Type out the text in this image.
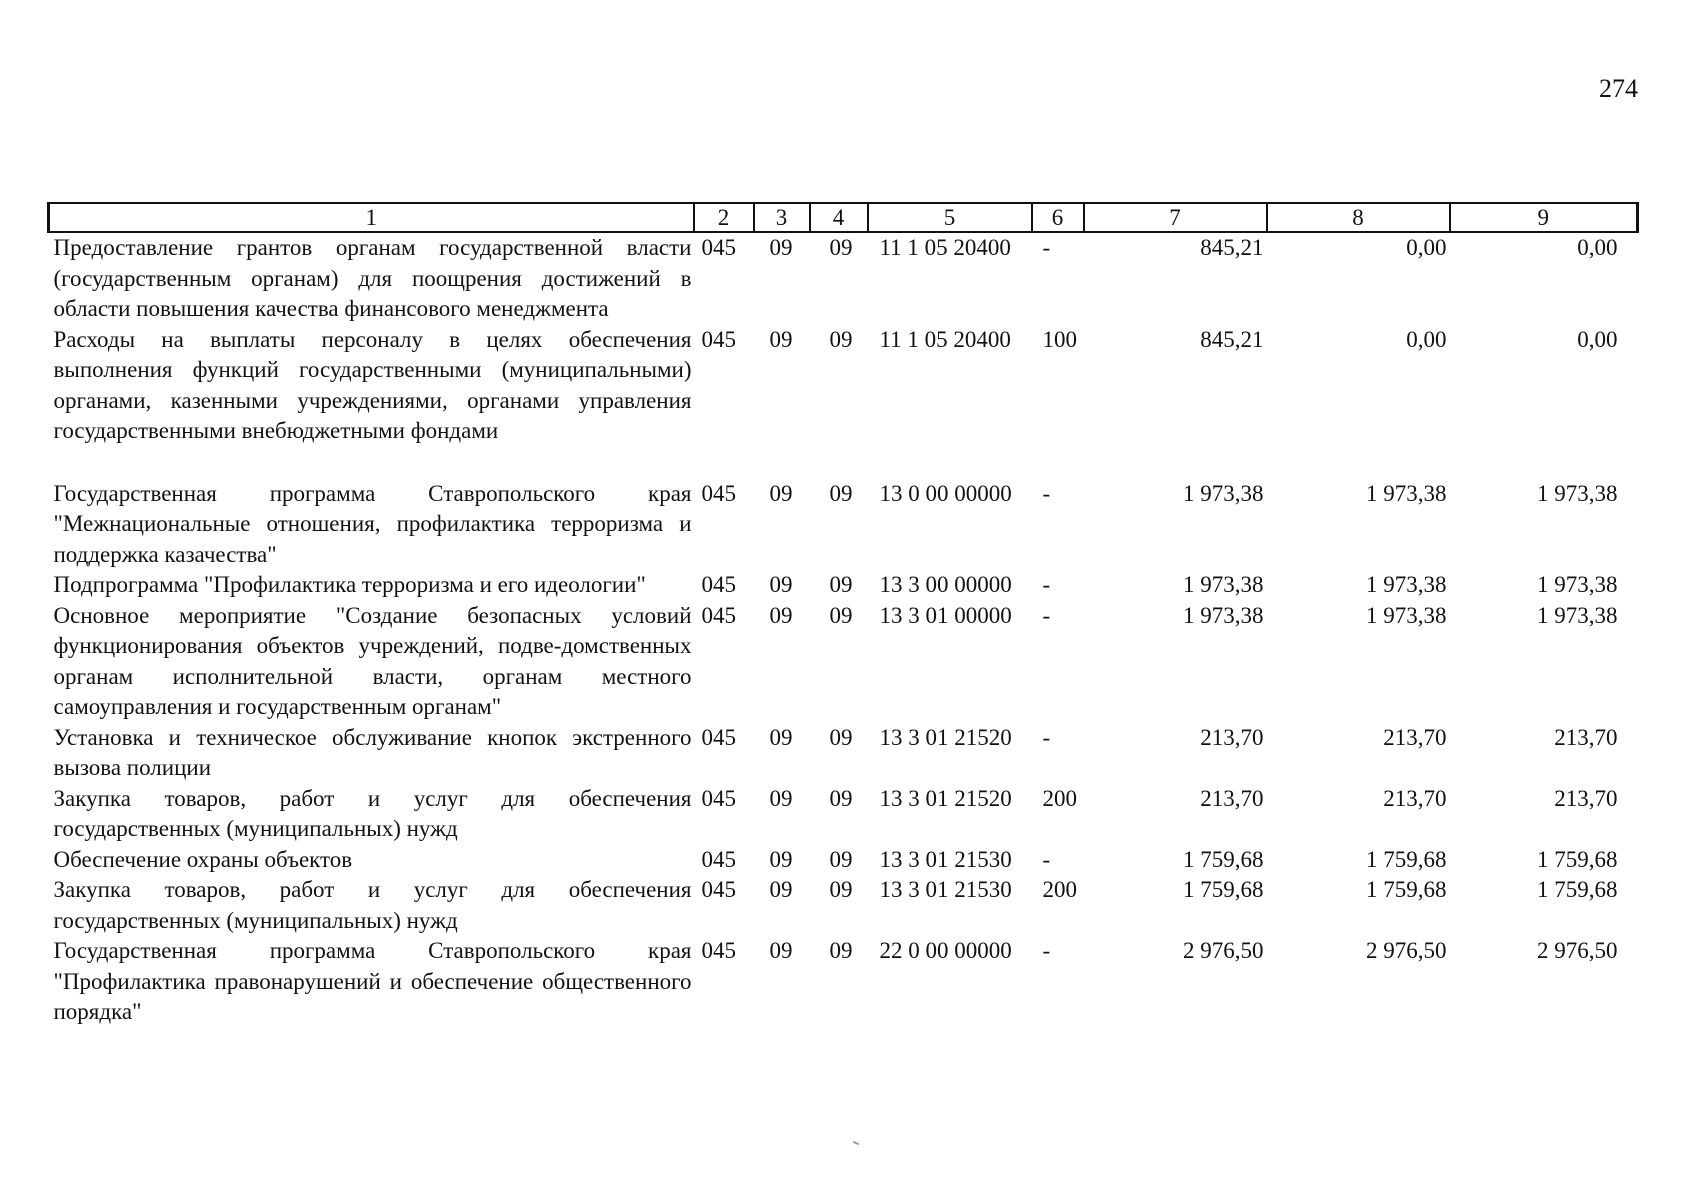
274
1	2	3	4	5	6	7	8	9
Предоставление грантов органам государственной власти (государственным органам) для поощрения достижений в области повышения качества финансового менеджмента	045	09	09	11 1 05 20400	-	845,21	0,00	0,00
Расходы на выплаты персоналу в целях обеспечения выполнения функций государственными (муниципальными) органами, казенными учреждениями, органами управления государственными внебюджетными фондами	045	09	09	11 1 05 20400	100	845,21	0,00	0,00

Государственная программа Ставропольского края "Межнациональные отношения, профилактика терроризма и поддержка казачества"	045	09	09	13 0 00 00000	-	1 973,38	1 973,38	1 973,38
Подпрограмма "Профилактика терроризма и его идеологии"	045	09	09	13 3 00 00000	-	1 973,38	1 973,38	1 973,38
Основное мероприятие "Создание безопасных условий функционирования объектов учреждений, подве-домственных органам исполнительной власти, органам местного самоуправления и государственным органам"	045	09	09	13 3 01 00000	-	1 973,38	1 973,38	1 973,38
Установка и техническое обслуживание кнопок экстренного вызова полиции	045	09	09	13 3 01 21520	-	213,70	213,70	213,70
Закупка товаров, работ и услуг для обеспечения государственных (муниципальных) нужд	045	09	09	13 3 01 21520	200	213,70	213,70	213,70
Обеспечение охраны объектов	045	09	09	13 3 01 21530	-	1 759,68	1 759,68	1 759,68
Закупка товаров, работ и услуг для обеспечения государственных (муниципальных) нужд	045	09	09	13 3 01 21530	200	1 759,68	1 759,68	1 759,68
Государственная программа Ставропольского края "Профилактика правонарушений и обеспечение общественного порядка"	045	09	09	22 0 00 00000	-	2 976,50	2 976,50	2 976,50
